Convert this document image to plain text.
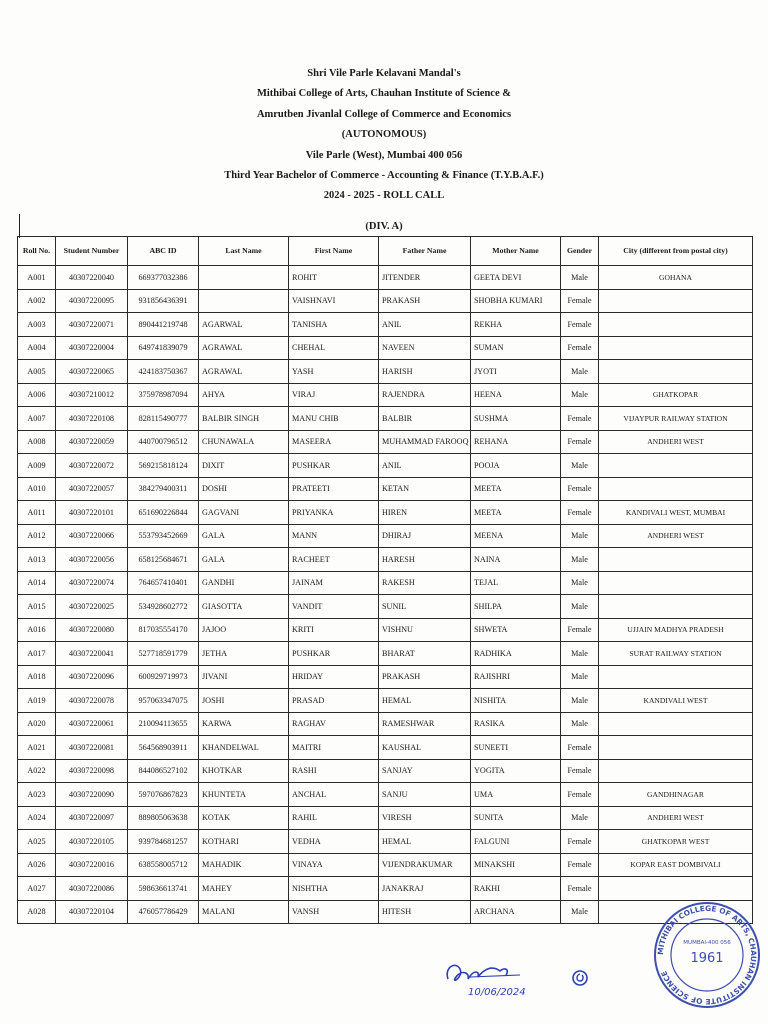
Shri Vile Parle Kelavani Mandal's
Mithibai College of Arts, Chauhan Institute of Science &
Amrutben Jivanlal College of Commerce and Economics
(AUTONOMOUS)
Vile Parle (West), Mumbai 400 056
Third Year Bachelor of Commerce - Accounting & Finance (T.Y.B.A.F.)
2024 - 2025 - ROLL CALL
(DIV. A)
Roll No.	Student Number	ABC ID	Last Name	First Name	Father Name	Mother Name	Gender	City (different from postal city)
A001	40307220040	669377032386		ROHIT	JITENDER	GEETA DEVI	Male	GOHANA
A002	40307220095	931856436391		VAISHNAVI	PRAKASH	SHOBHA KUMARI	Female	
A003	40307220071	890441219748	AGARWAL	TANISHA	ANIL	REKHA	Female	
A004	40307220004	649741839079	AGRAWAL	CHEHAL	NAVEEN	SUMAN	Female	
A005	40307220065	424183750367	AGRAWAL	YASH	HARISH	JYOTI	Male	
A006	40307210012	375978987094	AHYA	VIRAJ	RAJENDRA	HEENA	Male	GHATKOPAR
A007	40307220108	828115490777	BALBIR SINGH	MANU CHIB	BALBIR	SUSHMA	Female	VIJAYPUR RAILWAY STATION
A008	40307220059	440700796512	CHUNAWALA	MASEERA	MUHAMMAD FAROOQ	REHANA	Female	ANDHERI WEST
A009	40307220072	569215818124	DIXIT	PUSHKAR	ANIL	POOJA	Male	
A010	40307220057	384279400311	DOSHI	PRATEETI	KETAN	MEETA	Female	
A011	40307220101	651690226844	GAGVANI	PRIYANKA	HIREN	MEETA	Female	KANDIVALI WEST, MUMBAI
A012	40307220066	553793452669	GALA	MANN	DHIRAJ	MEENA	Male	ANDHERI WEST
A013	40307220056	658125684671	GALA	RACHEET	HARESH	NAINA	Male	
A014	40307220074	764657410401	GANDHI	JAINAM	RAKESH	TEJAL	Male	
A015	40307220025	534928602772	GIASOTTA	VANDIT	SUNIL	SHILPA	Male	
A016	40307220080	817035554170	JAJOO	KRITI	VISHNU	SHWETA	Female	UJJAIN MADHYA PRADESH
A017	40307220041	527718591779	JETHA	PUSHKAR	BHARAT	RADHIKA	Male	SURAT RAILWAY STATION
A018	40307220096	600929719973	JIVANI	HRIDAY	PRAKASH	RAJISHRI	Male	
A019	40307220078	957063347075	JOSHI	PRASAD	HEMAL	NISHITA	Male	KANDIVALI WEST
A020	40307220061	210094113655	KARWA	RAGHAV	RAMESHWAR	RASIKA	Male	
A021	40307220081	564568903911	KHANDELWAL	MAITRI	KAUSHAL	SUNEETI	Female	
A022	40307220098	844086527102	KHOTKAR	RASHI	SANJAY	YOGITA	Female	
A023	40307220090	597076867823	KHUNTETA	ANCHAL	SANJU	UMA	Female	GANDHINAGAR
A024	40307220097	889805063638	KOTAK	RAHIL	VIRESH	SUNITA	Male	ANDHERI WEST
A025	40307220105	939784681257	KOTHARI	VEDHA	HEMAL	FALGUNI	Female	GHATKOPAR WEST
A026	40307220016	638558005712	MAHADIK	VINAYA	VIJENDRAKUMAR	MINAKSHI	Female	KOPAR EAST DOMBIVALI
A027	40307220086	598636613741	MAHEY	NISHTHA	JANAKRAJ	RAKHI	Female	
A028	40307220104	476057786429	MALANI	VANSH	HITESH	ARCHANA	Male	
10/06/2024
MITHIBAI COLLEGE OF ARTS, CHAUHAN INSTITUTE OF SCIENCE
MUMBAI-400 056
1961
